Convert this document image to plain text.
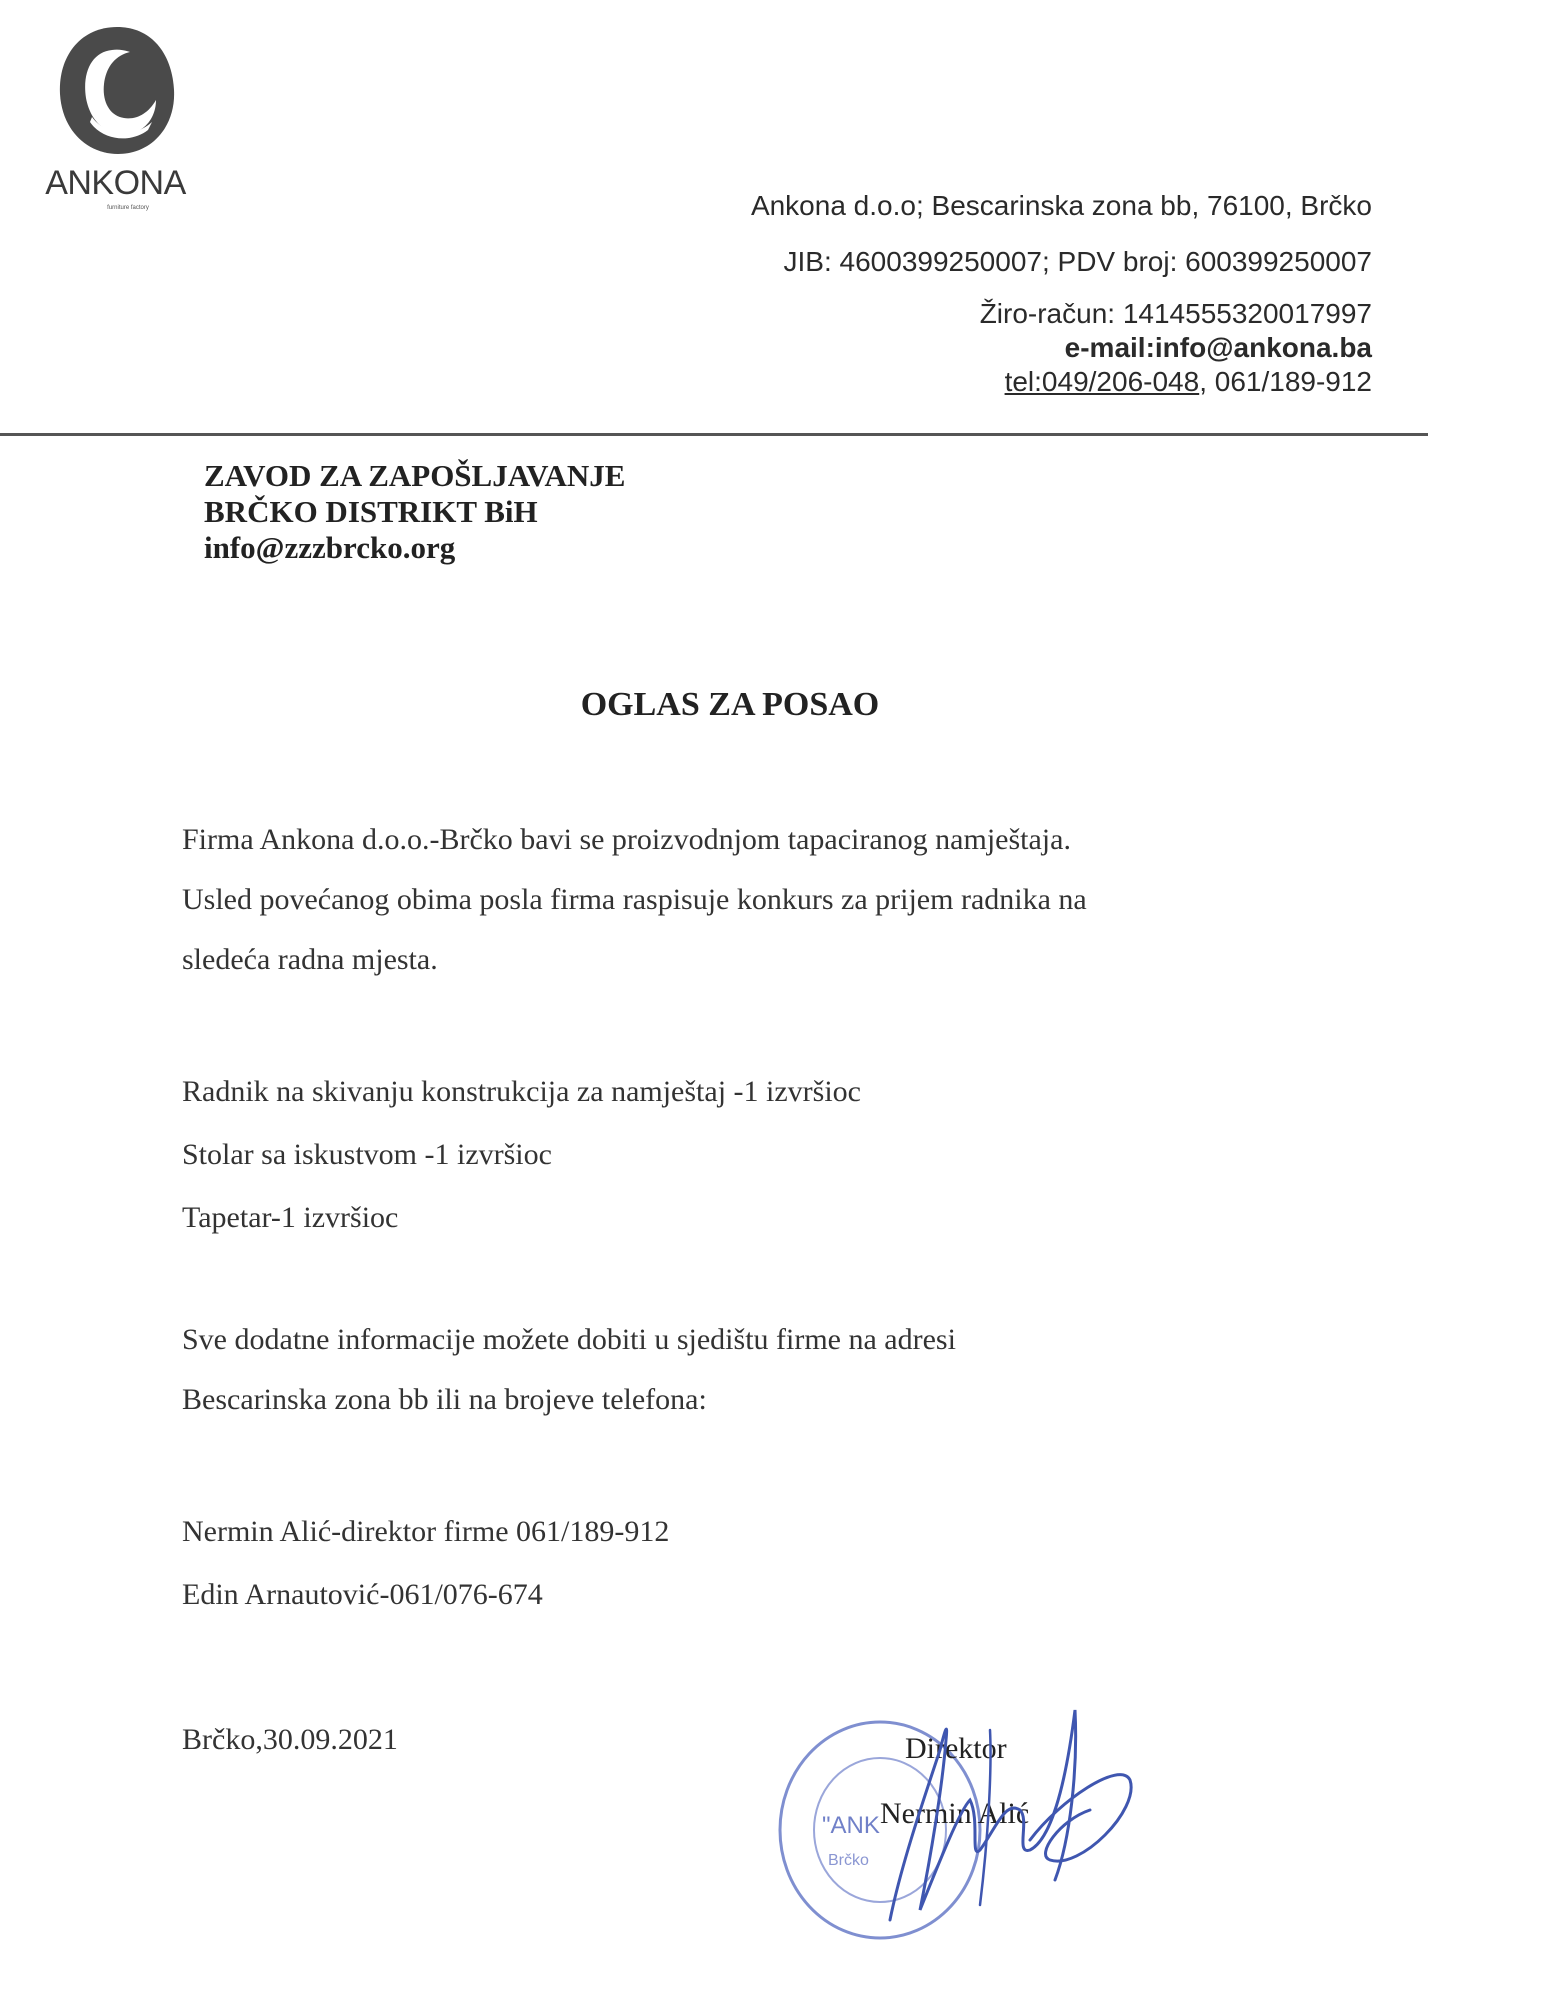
ANKONA
furniture factory	Ankona d.o.o; Bescarinska zona bb, 76100, Brčko
JIB: 4600399250007; PDV broj: 600399250007
Žiro-račun: 1414555320017997
e-mail:info@ankona.ba
tel:049/206-048, 061/189-912
ZAVOD ZA ZAPOŠLJAVANJE
BRČKO DISTRIKT BiH
info@zzzbrcko.org
OGLAS ZA POSAO
Firma Ankona d.o.o.-Brčko bavi se proizvodnjom tapaciranog namještaja.
Usled povećanog obima posla firma raspisuje konkurs za prijem radnika na
sledeća radna mjesta.
Radnik na skivanju konstrukcija za namještaj -1 izvršioc
Stolar sa iskustvom -1 izvršioc
Tapetar-1 izvršioc
Sve dodatne informacije možete dobiti u sjedištu firme na adresi
Bescarinska zona bb ili na brojeve telefona:
Nermin Alić-direktor firme 061/189-912
Edin Arnautović-061/076-674
Brčko,30.09.2021
"ANK
Brčko
Direktor
Nermin Alić
